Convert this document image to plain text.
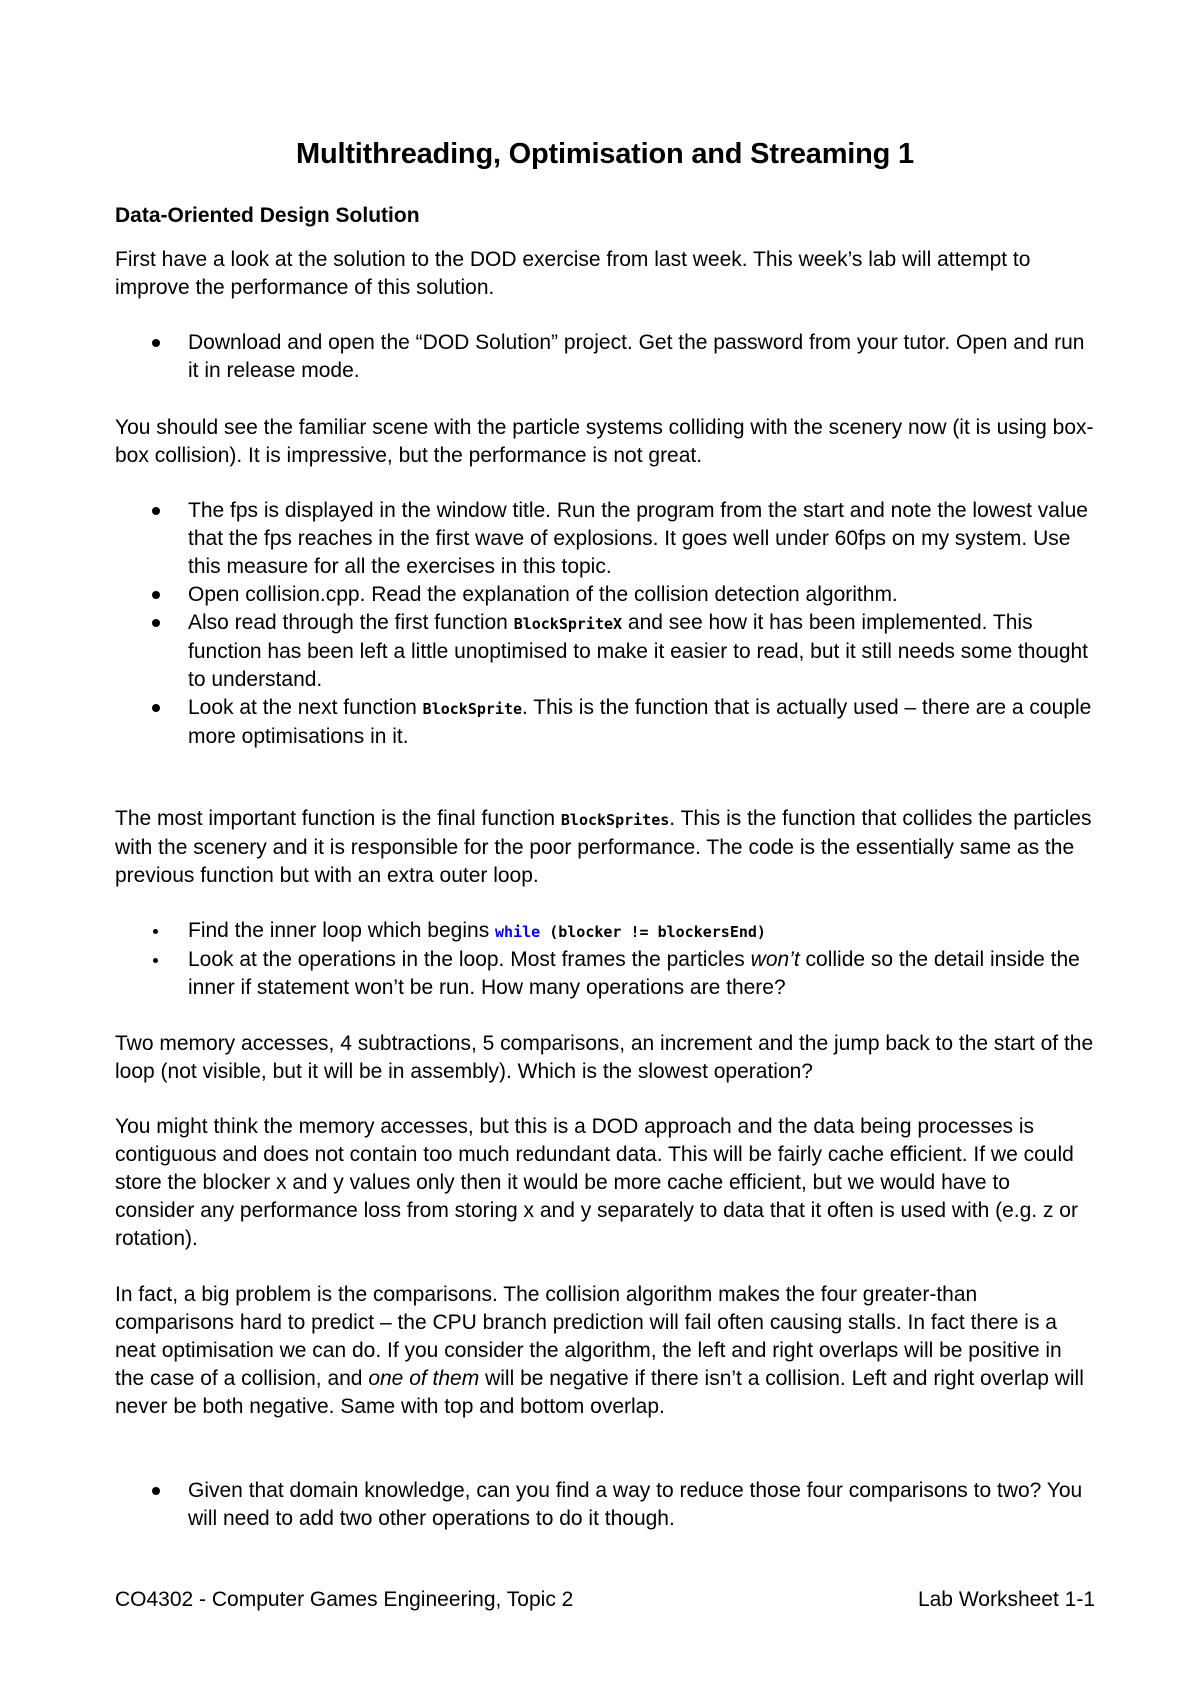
Multithreading, Optimisation and Streaming 1
Data-Oriented Design Solution

First have a look at the solution to the DOD exercise from last week. This week’s lab will attempt to improve the performance of this solution.

Download and open the “DOD Solution” project. Get the password from your tutor. Open and run it in release mode.

You should see the familiar scene with the particle systems colliding with the scenery now (it is using box-box collision). It is impressive, but the performance is not great.

The fps is displayed in the window title. Run the program from the start and note the lowest value that the fps reaches in the first wave of explosions. It goes well under 60fps on my system. Use this measure for all the exercises in this topic.
Open collision.cpp. Read the explanation of the collision detection algorithm.
Also read through the first function BlockSpriteX and see how it has been implemented. This function has been left a little unoptimised to make it easier to read, but it still needs some thought to understand.
Look at the next function BlockSprite. This is the function that is actually used – there are a couple more optimisations in it.

The most important function is the final function BlockSprites. This is the function that collides the particles with the scenery and it is responsible for the poor performance. The code is the essentially same as the previous function but with an extra outer loop.

Find the inner loop which begins while (blocker != blockersEnd)
Look at the operations in the loop. Most frames the particles won’t collide so the detail inside the inner if statement won’t be run. How many operations are there?

Two memory accesses, 4 subtractions, 5 comparisons, an increment and the jump back to the start of the loop (not visible, but it will be in assembly). Which is the slowest operation?

You might think the memory accesses, but this is a DOD approach and the data being processes is contiguous and does not contain too much redundant data. This will be fairly cache efficient. If we could store the blocker x and y values only then it would be more cache efficient, but we would have to consider any performance loss from storing x and y separately to data that it often is used with (e.g. z or rotation).

In fact, a big problem is the comparisons. The collision algorithm makes the four greater-than comparisons hard to predict – the CPU branch prediction will fail often causing stalls. In fact there is a neat optimisation we can do. If you consider the algorithm, the left and right overlaps will be positive in the case of a collision, and one of them will be negative if there isn’t a collision. Left and right overlap will never be both negative. Same with top and bottom overlap.

Given that domain knowledge, can you find a way to reduce those four comparisons to two? You will need to add two other operations to do it though.

CO4302 - Computer Games Engineering, Topic 2	Lab Worksheet 1-1
